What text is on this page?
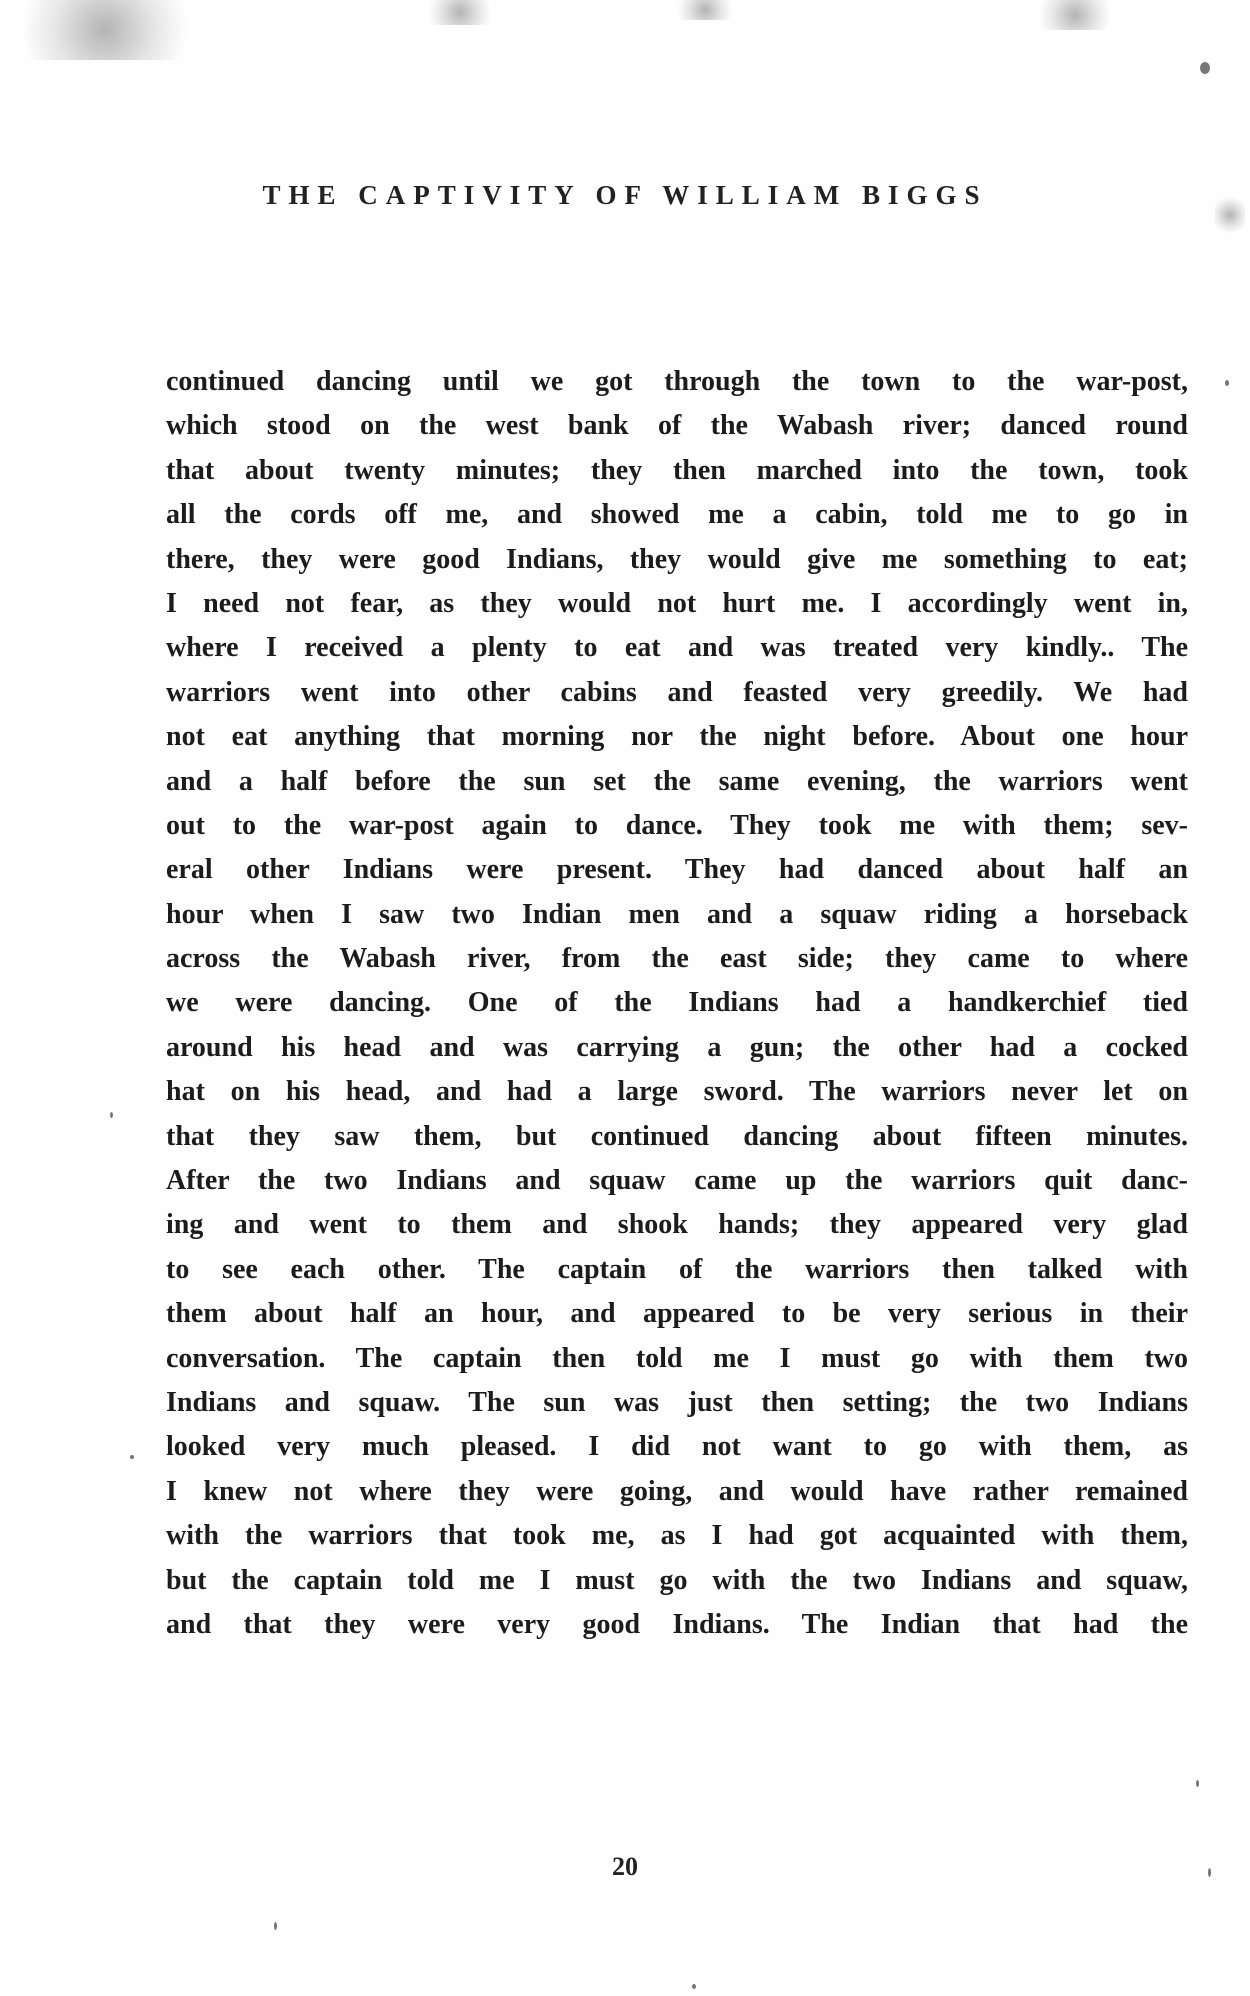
THE CAPTIVITY OF WILLIAM BIGGS
continued dancing until we got through the town to the war-post,
which stood on the west bank of the Wabash river; danced round
that about twenty minutes; they then marched into the town, took
all the cords off me, and showed me a cabin, told me to go in
there, they were good Indians, they would give me something to eat;
I need not fear, as they would not hurt me. I accordingly went in,
where I received a plenty to eat and was treated very kindly.. The
warriors went into other cabins and feasted very greedily. We had
not eat anything that morning nor the night before. About one hour
and a half before the sun set the same evening, the warriors went
out to the war-post again to dance. They took me with them; sev-
eral other Indians were present. They had danced about half an
hour when I saw two Indian men and a squaw riding a horseback
across the Wabash river, from the east side; they came to where
we were dancing. One of the Indians had a handkerchief tied
around his head and was carrying a gun; the other had a cocked
hat on his head, and had a large sword. The warriors never let on
that they saw them, but continued dancing about fifteen minutes.
After the two Indians and squaw came up the warriors quit danc-
ing and went to them and shook hands; they appeared very glad
to see each other. The captain of the warriors then talked with
them about half an hour, and appeared to be very serious in their
conversation. The captain then told me I must go with them two
Indians and squaw. The sun was just then setting; the two Indians
looked very much pleased. I did not want to go with them, as
I knew not where they were going, and would have rather remained
with the warriors that took me, as I had got acquainted with them,
but the captain told me I must go with the two Indians and squaw,
and that they were very good Indians. The Indian that had the
20
